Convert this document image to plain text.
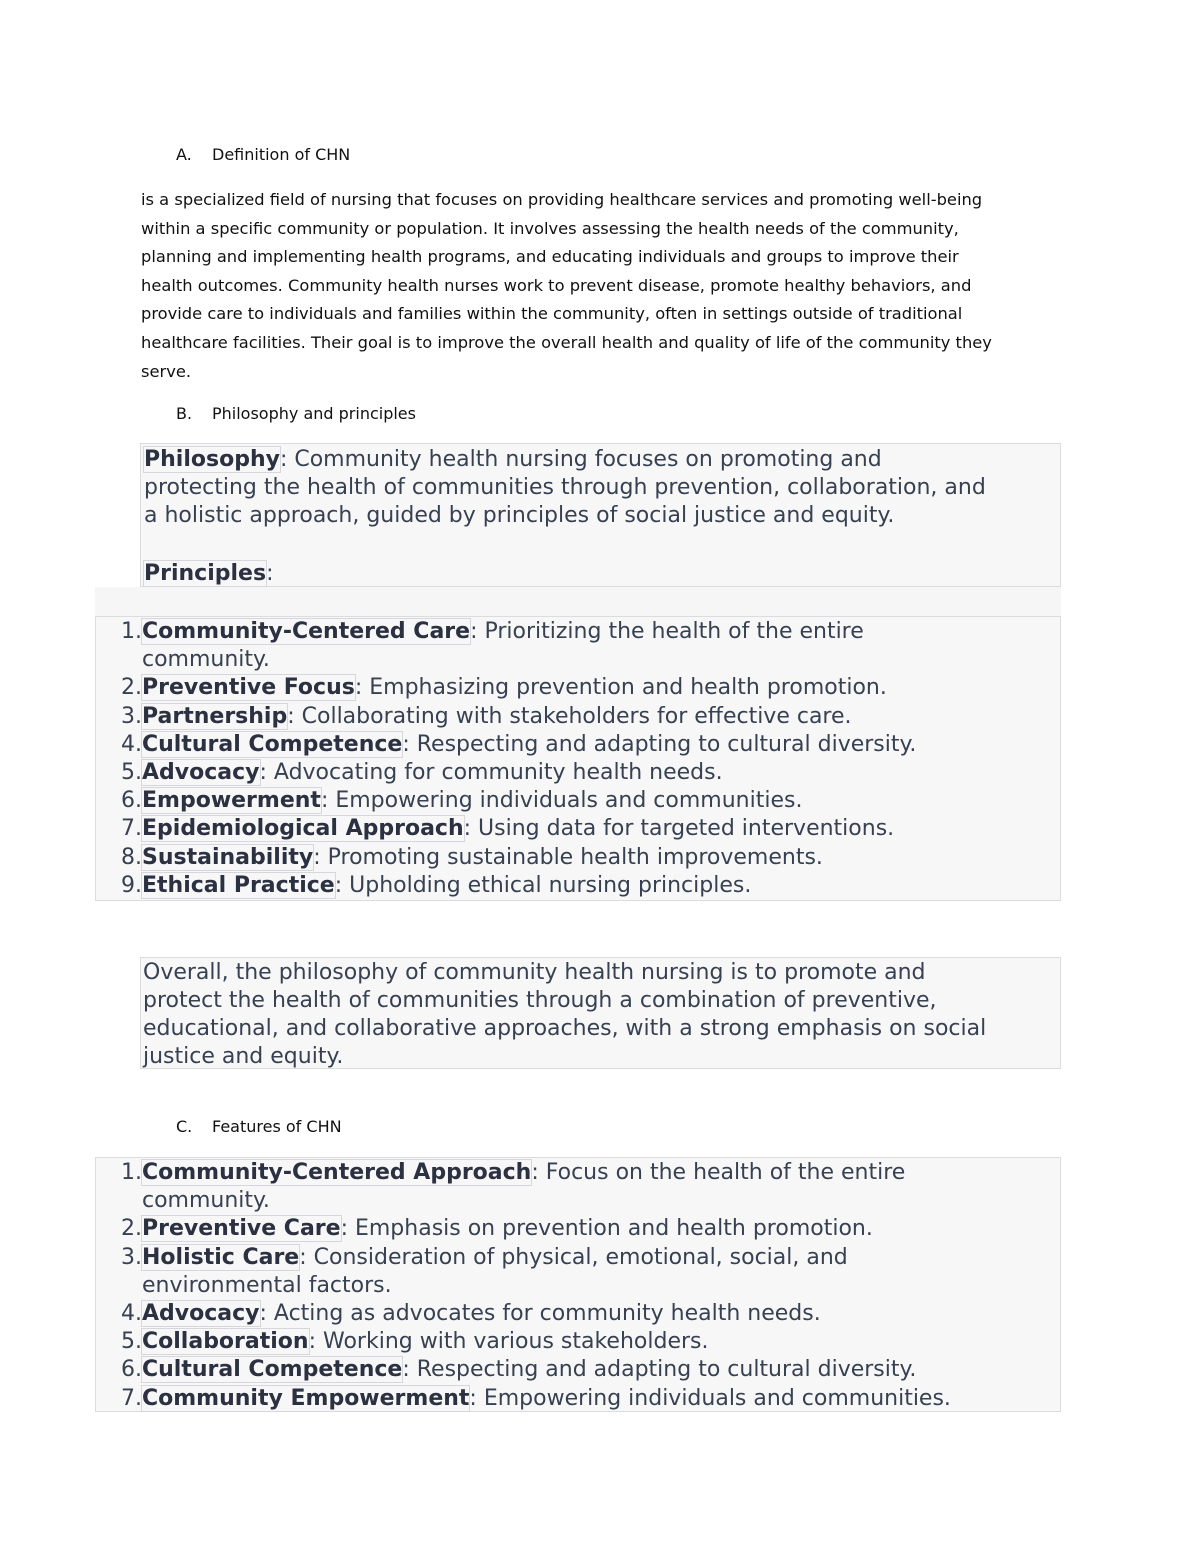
A. Definition of CHN
is a specialized field of nursing that focuses on providing healthcare services and promoting well-being
within a specific community or population. It involves assessing the health needs of the community,
planning and implementing health programs, and educating individuals and groups to improve their
health outcomes. Community health nurses work to prevent disease, promote healthy behaviors, and
provide care to individuals and families within the community, often in settings outside of traditional
healthcare facilities. Their goal is to improve the overall health and quality of life of the community they
serve.
B. Philosophy and principles
Philosophy: Community health nursing focuses on promoting and
protecting the health of communities through prevention, collaboration, and
a holistic approach, guided by principles of social justice and equity.
Principles:
1. Community-Centered Care: Prioritizing the health of the entire
community.
2. Preventive Focus: Emphasizing prevention and health promotion.
3. Partnership: Collaborating with stakeholders for effective care.
4. Cultural Competence: Respecting and adapting to cultural diversity.
5. Advocacy: Advocating for community health needs.
6. Empowerment: Empowering individuals and communities.
7. Epidemiological Approach: Using data for targeted interventions.
8. Sustainability: Promoting sustainable health improvements.
9. Ethical Practice: Upholding ethical nursing principles.
Overall, the philosophy of community health nursing is to promote and
protect the health of communities through a combination of preventive,
educational, and collaborative approaches, with a strong emphasis on social
justice and equity.
C. Features of CHN
1. Community-Centered Approach: Focus on the health of the entire
community.
2. Preventive Care: Emphasis on prevention and health promotion.
3. Holistic Care: Consideration of physical, emotional, social, and
environmental factors.
4. Advocacy: Acting as advocates for community health needs.
5. Collaboration: Working with various stakeholders.
6. Cultural Competence: Respecting and adapting to cultural diversity.
7. Community Empowerment: Empowering individuals and communities.
